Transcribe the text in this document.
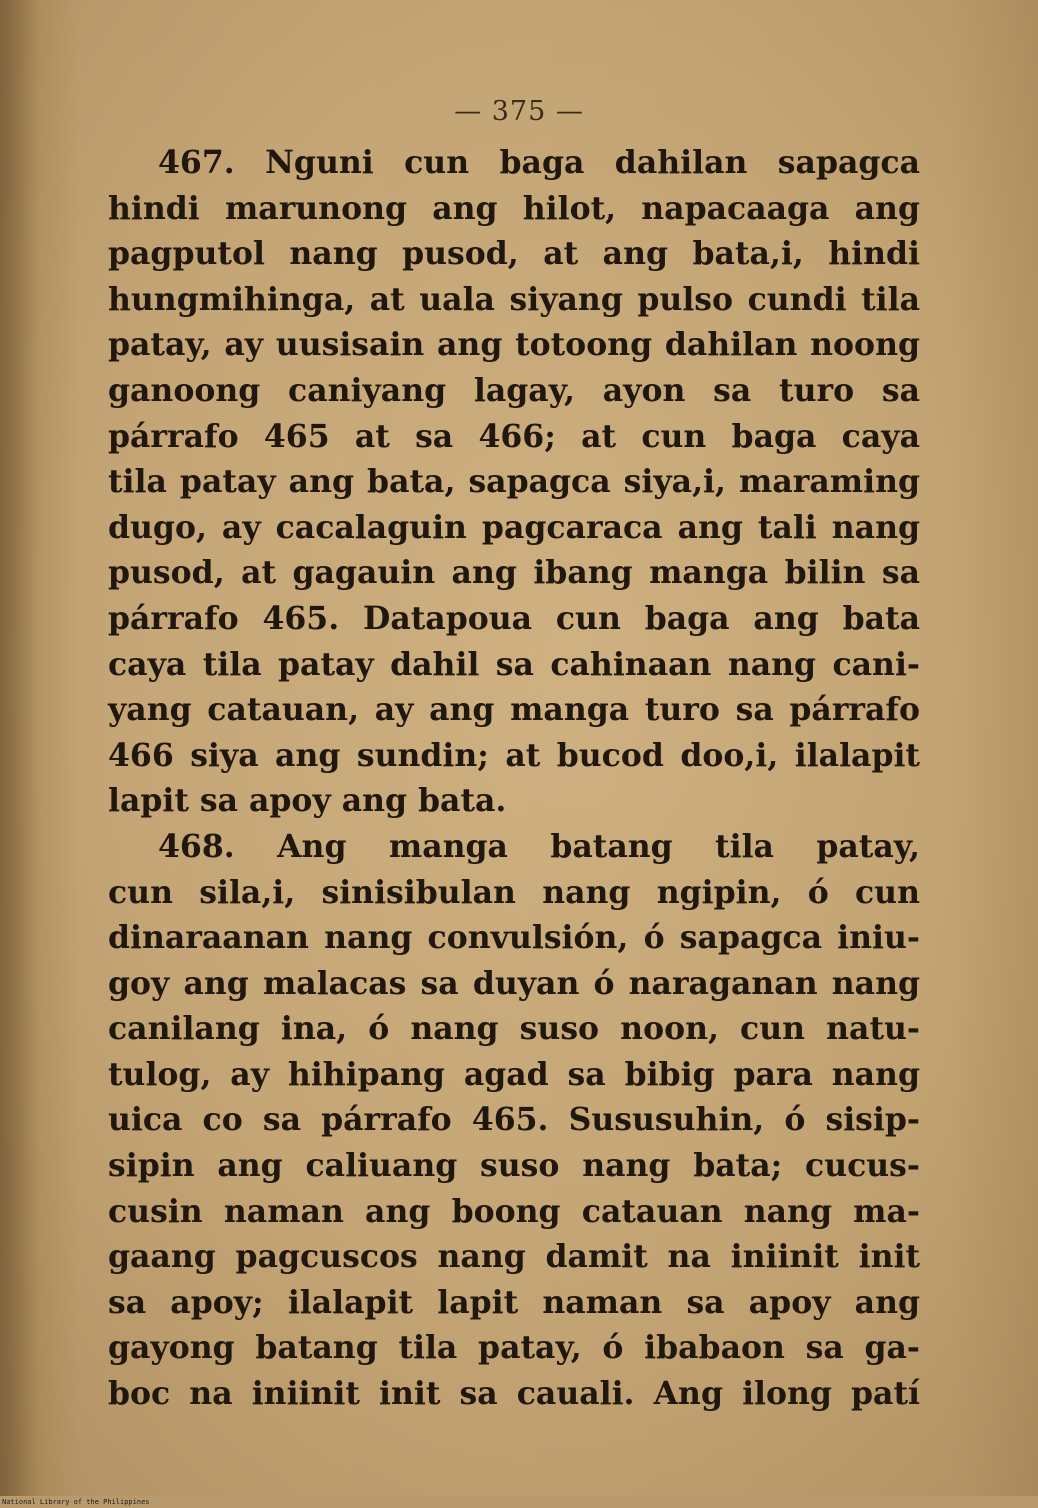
— 375 —
467. Nguni cun baga dahilan sapagca
hindi marunong ang hilot, napacaaga ang
pagputol nang pusod, at ang bata,i, hindi
hungmihinga, at uala siyang pulso cundi tila
patay, ay uusisain ang totoong dahilan noong
ganoong caniyang lagay, ayon sa turo sa
párrafo 465 at sa 466; at cun baga caya
tila patay ang bata, sapagca siya,i, maraming
dugo, ay cacalaguin pagcaraca ang tali nang
pusod, at gagauin ang ibang manga bilin sa
párrafo 465. Datapoua cun baga ang bata
caya tila patay dahil sa cahinaan nang cani-
yang catauan, ay ang manga turo sa párrafo
466 siya ang sundin; at bucod doo,i, ilalapit
lapit sa apoy ang bata.
468. Ang manga batang tila patay,
cun sila,i, sinisibulan nang ngipin, ó cun
dinaraanan nang convulsión, ó sapagca iniu-
goy ang malacas sa duyan ó naraganan nang
canilang ina, ó nang suso noon, cun natu-
tulog, ay hihipang agad sa bibig para nang
uica co sa párrafo 465. Sususuhin, ó sisip-
sipin ang caliuang suso nang bata; cucus-
cusin naman ang boong catauan nang ma-
gaang pagcuscos nang damit na iniinit init
sa apoy; ilalapit lapit naman sa apoy ang
gayong batang tila patay, ó ibabaon sa ga-
boc na iniinit init sa cauali. Ang ilong patí
National Library of the Philippines
